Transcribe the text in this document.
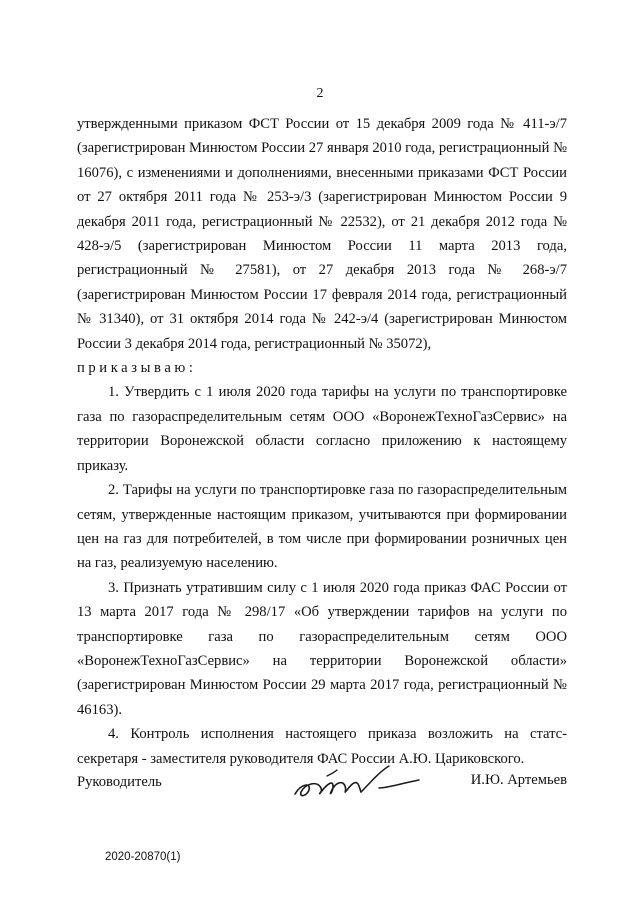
2

утвержденными приказом ФСТ России от 15 декабря 2009 года № 411-э/7 (зарегистрирован Минюстом России 27 января 2010 года, регистрационный № 16076), с изменениями и дополнениями, внесенными приказами ФСТ России от 27 октября 2011 года № 253-э/3 (зарегистрирован Минюстом России 9 декабря 2011 года, регистрационный № 22532), от 21 декабря 2012 года № 428-э/5 (зарегистрирован Минюстом России 11 марта 2013 года, регистрационный № 27581), от 27 декабря 2013 года № 268-э/7 (зарегистрирован Минюстом России 17 февраля 2014 года, регистрационный № 31340), от 31 октября 2014 года № 242-э/4 (зарегистрирован Минюстом России 3 декабря 2014 года, регистрационный № 35072),

приказываю:

1. Утвердить с 1 июля 2020 года тарифы на услуги по транспортировке газа по газораспределительным сетям ООО «ВоронежТехноГазСервис» на территории Воронежской области согласно приложению к настоящему приказу.

2. Тарифы на услуги по транспортировке газа по газораспределительным сетям, утвержденные настоящим приказом, учитываются при формировании цен на газ для потребителей, в том числе при формировании розничных цен на газ, реализуемую населению.

3. Признать утратившим силу с 1 июля 2020 года приказ ФАС России от 13 марта 2017 года № 298/17 «Об утверждении тарифов на услуги по транспортировке газа по газораспределительным сетям ООО «ВоронежТехноГазСервис» на территории Воронежской области» (зарегистрирован Минюстом России 29 марта 2017 года, регистрационный № 46163).

4. Контроль исполнения настоящего приказа возложить на статс-секретаря - заместителя руководителя ФАС России А.Ю. Цариковского.

Руководитель	И.Ю. Артемьев
2020-20870(1)
